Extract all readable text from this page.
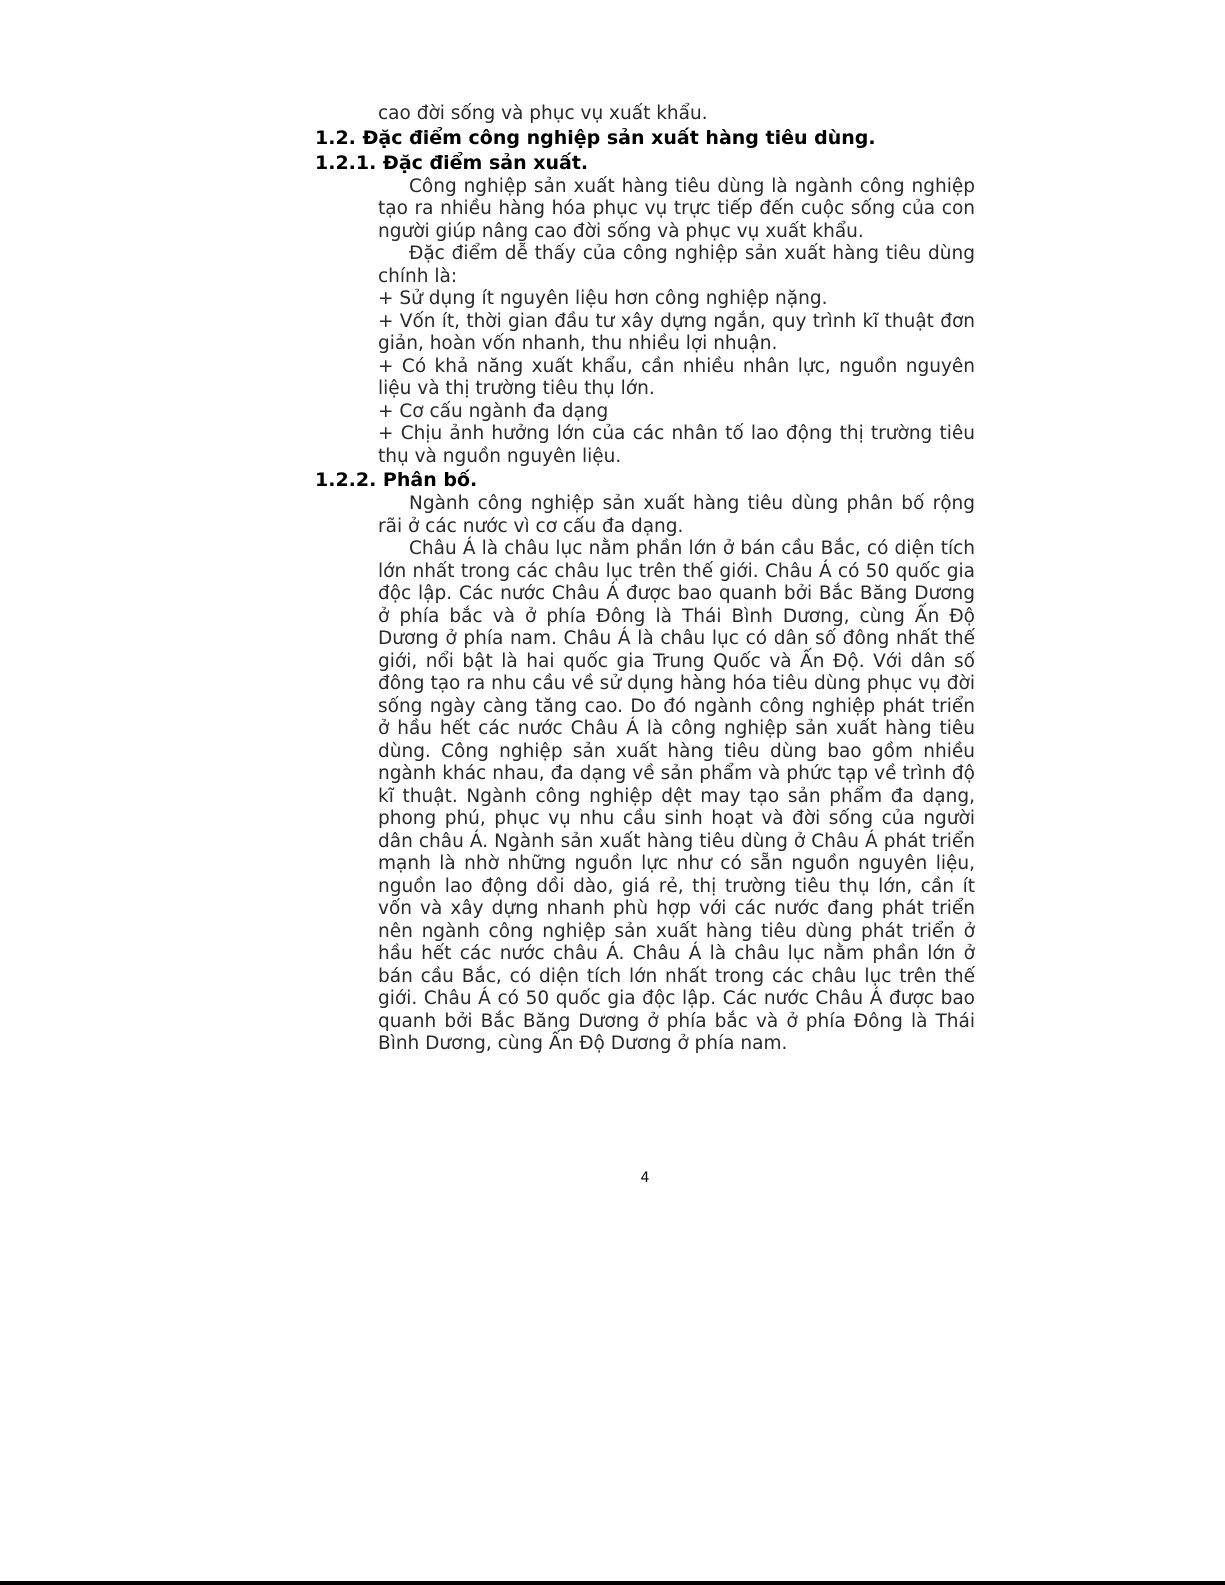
cao đời sống và phục vụ xuất khẩu.

1.2. Đặc điểm công nghiệp sản xuất hàng tiêu dùng.
1.2.1. Đặc điểm sản xuất.

Công nghiệp sản xuất hàng tiêu dùng là ngành công nghiệp tạo ra nhiều hàng hóa phục vụ trực tiếp đến cuộc sống của con người giúp nâng cao đời sống và phục vụ xuất khẩu.

Đặc điểm dễ thấy của công nghiệp sản xuất hàng tiêu dùng chính là:

+ Sử dụng ít nguyên liệu hơn công nghiệp nặng.

+ Vốn ít, thời gian đầu tư xây dựng ngắn, quy trình kĩ thuật đơn giản, hoàn vốn nhanh, thu nhiều lợi nhuận.

+ Có khả năng xuất khẩu, cần nhiều nhân lực, nguồn nguyên liệu và thị trường tiêu thụ lớn.

+ Cơ cấu ngành đa dạng

+ Chịu ảnh hưởng lớn của các nhân tố lao động thị trường tiêu thụ và nguồn nguyên liệu.

1.2.2. Phân bố.

Ngành công nghiệp sản xuất hàng tiêu dùng phân bố rộng rãi ở các nước vì cơ cấu đa dạng.

Châu Á là châu lục nằm phần lớn ở bán cầu Bắc, có diện tích lớn nhất trong các châu lục trên thế giới. Châu Á có 50 quốc gia độc lập. Các nước Châu Á được bao quanh bởi Bắc Băng Dương ở phía bắc và ở phía Đông là Thái Bình Dương, cùng Ấn Độ Dương ở phía nam. Châu Á là châu lục có dân số đông nhất thế giới, nổi bật là hai quốc gia Trung Quốc và Ấn Độ. Với dân số đông tạo ra nhu cầu về sử dụng hàng hóa tiêu dùng phục vụ đời sống ngày càng tăng cao. Do đó ngành công nghiệp phát triển ở hầu hết các nước Châu Á là công nghiệp sản xuất hàng tiêu dùng. Công nghiệp sản xuất hàng tiêu dùng bao gồm nhiều ngành khác nhau, đa dạng về sản phẩm và phức tạp về trình độ kĩ thuật. Ngành công nghiệp dệt may tạo sản phẩm đa dạng, phong phú, phục vụ nhu cầu sinh hoạt và đời sống của người dân châu Á. Ngành sản xuất hàng tiêu dùng ở Châu Á phát triển mạnh là nhờ những nguồn lực như có sẵn nguồn nguyên liệu, nguồn lao động dồi dào, giá rẻ, thị trường tiêu thụ lớn, cần ít vốn và xây dựng nhanh phù hợp với các nước đang phát triển nên ngành công nghiệp sản xuất hàng tiêu dùng phát triển ở hầu hết các nước châu Á. Châu Á là châu lục nằm phần lớn ở bán cầu Bắc, có diện tích lớn nhất trong các châu lục trên thế giới. Châu Á có 50 quốc gia độc lập. Các nước Châu Á được bao quanh bởi Bắc Băng Dương ở phía bắc và ở phía Đông là Thái Bình Dương, cùng Ấn Độ Dương ở phía nam.

4
